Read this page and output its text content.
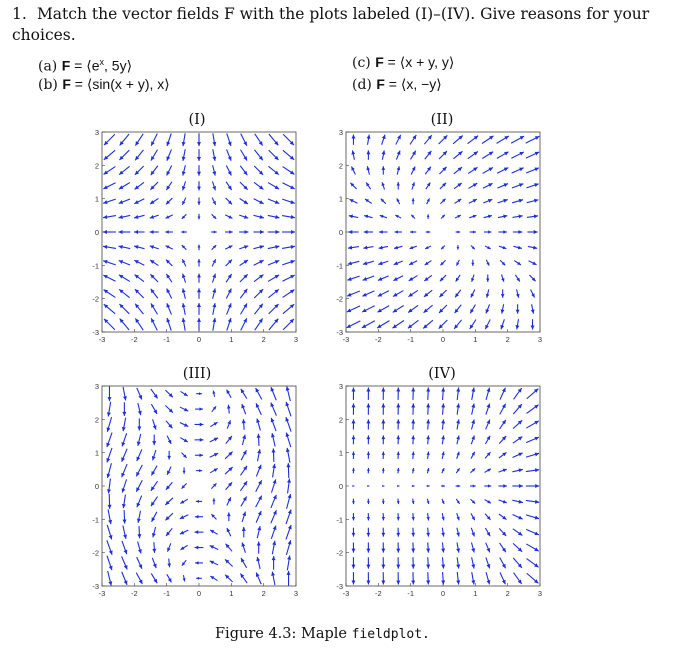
1. Match the vector fields F with the plots labeled (I)–(IV). Give reasons for your choices.
(a) $F = ⟨e^x$, 5y⟩
(b) F = ⟨sin(x + y), x⟩
(c) F = ⟨x + y, y⟩
(d) F = ⟨x, −y⟩
(I)	(II)
(III)	(IV)
-3	-2	-1	0	1	2	3
3
2
1
0
-1
-2
-3
-3	-2	-1	0	1	2	3
3
2
1
0
-1
-2
-3
-3	-2	-1	0	1	2	3
3
2
1
0
-1
-2
-3
-3	-2	-1	0	1	2	3
3
2
1
0
-1
-2
-3
Figure 4.3: Maple fieldplot.
